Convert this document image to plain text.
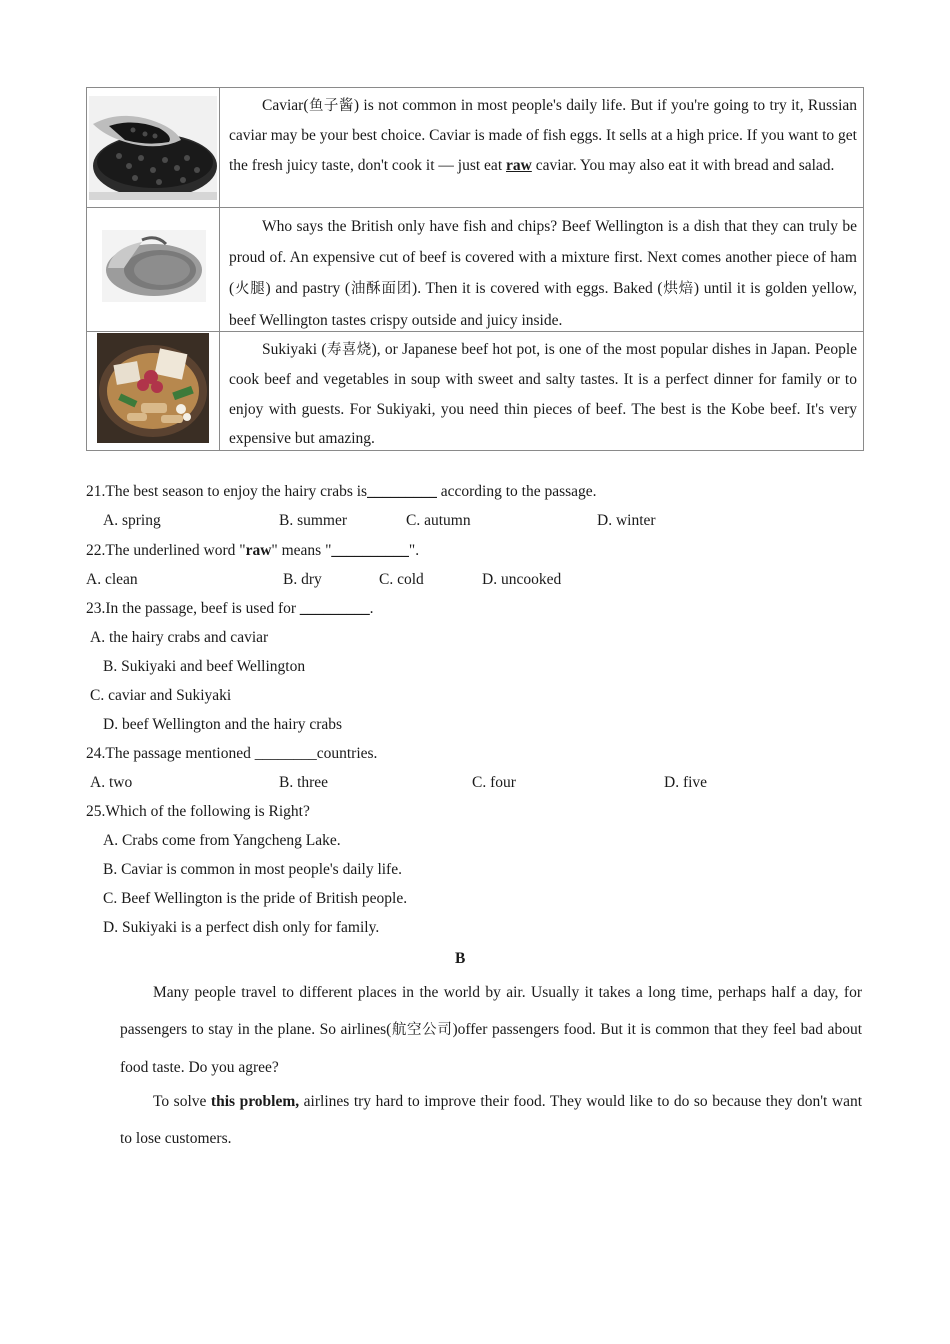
Caviar(鱼子酱) is not common in most people's daily life. But if you're going to try it, Russian caviar may be your best choice. Caviar is made of fish eggs. It sells at a high price. If you want to get the fresh juicy taste, don't cook it — just eat raw caviar. You may also eat it with bread and salad.
Who says the British only have fish and chips? Beef Wellington is a dish that they can truly be proud of. An expensive cut of beef is covered with a mixture first. Next comes another piece of ham (火腿) and pastry (油酥面团). Then it is covered with eggs. Baked (烘焙) until it is golden yellow, beef Wellington tastes crispy outside and juicy inside.
Sukiyaki (寿喜烧), or Japanese beef hot pot, is one of the most popular dishes in Japan. People cook beef and vegetables in soup with sweet and salty tastes. It is a perfect dinner for family or to enjoy with guests. For Sukiyaki, you need thin pieces of beef. The best is the Kobe beef. It's very expensive but amazing.
21.The best season to enjoy the hairy crabs is_________ according to the passage.
A. spring	B. summer	C. autumn	D. winter
22.The underlined word "raw" means "__________".
A. clean	B. dry	C. cold	D. uncooked
23.In the passage, beef is used for _________.
A. the hairy crabs and caviar
B. Sukiyaki and beef Wellington
C. caviar and Sukiyaki
D. beef Wellington and the hairy crabs
24.The passage mentioned ________countries.
A. two	B. three	C. four	D. five
25.Which of the following is Right?
A. Crabs come from Yangcheng Lake.
B. Caviar is common in most people's daily life.
C. Beef Wellington is the pride of British people.
D. Sukiyaki is a perfect dish only for family.
B
Many people travel to different places in the world by air. Usually it takes a long time, perhaps half a day, for passengers to stay in the plane. So airlines(航空公司)offer passengers food. But it is common that they feel bad about food taste. Do you agree?
To solve this problem, airlines try hard to improve their food. They would like to do so because they don't want to lose customers.
